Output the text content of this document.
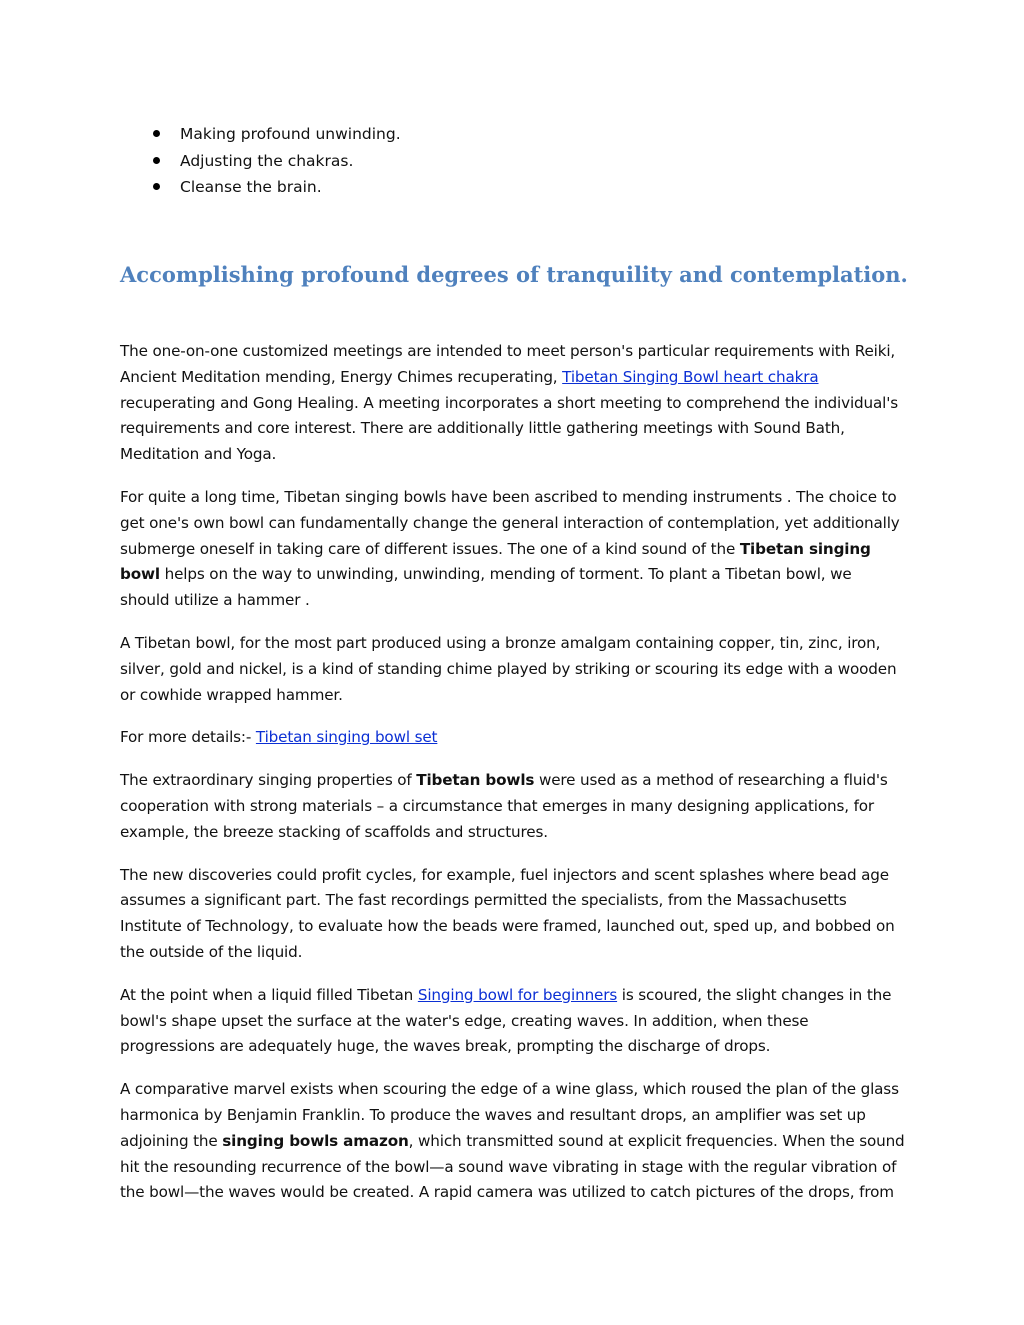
Making profound unwinding.
Adjusting the chakras.
Cleanse the brain.
Accomplishing profound degrees of tranquility and contemplation.

The one-on-one customized meetings are intended to meet person's particular requirements with Reiki, Ancient Meditation mending, Energy Chimes recuperating, Tibetan Singing Bowl heart chakra recuperating and Gong Healing. A meeting incorporates a short meeting to comprehend the individual's requirements and core interest. There are additionally little gathering meetings with Sound Bath, Meditation and Yoga.

For quite a long time, Tibetan singing bowls have been ascribed to mending instruments . The choice to get one's own bowl can fundamentally change the general interaction of contemplation, yet additionally submerge oneself in taking care of different issues. The one of a kind sound of the Tibetan singing bowl helps on the way to unwinding, unwinding, mending of torment. To plant a Tibetan bowl, we should utilize a hammer .

A Tibetan bowl, for the most part produced using a bronze amalgam containing copper, tin, zinc, iron, silver, gold and nickel, is a kind of standing chime played by striking or scouring its edge with a wooden or cowhide wrapped hammer.

For more details:- Tibetan singing bowl set

The extraordinary singing properties of Tibetan bowls were used as a method of researching a fluid's cooperation with strong materials – a circumstance that emerges in many designing applications, for example, the breeze stacking of scaffolds and structures.

The new discoveries could profit cycles, for example, fuel injectors and scent splashes where bead age assumes a significant part. The fast recordings permitted the specialists, from the Massachusetts Institute of Technology, to evaluate how the beads were framed, launched out, sped up, and bobbed on the outside of the liquid.

At the point when a liquid filled Tibetan Singing bowl for beginners is scoured, the slight changes in the bowl's shape upset the surface at the water's edge, creating waves. In addition, when these progressions are adequately huge, the waves break, prompting the discharge of drops.

A comparative marvel exists when scouring the edge of a wine glass, which roused the plan of the glass harmonica by Benjamin Franklin. To produce the waves and resultant drops, an amplifier was set up adjoining the singing bowls amazon, which transmitted sound at explicit frequencies. When the sound hit the resounding recurrence of the bowl—a sound wave vibrating in stage with the regular vibration of the bowl—the waves would be created. A rapid camera was utilized to catch pictures of the drops, from
